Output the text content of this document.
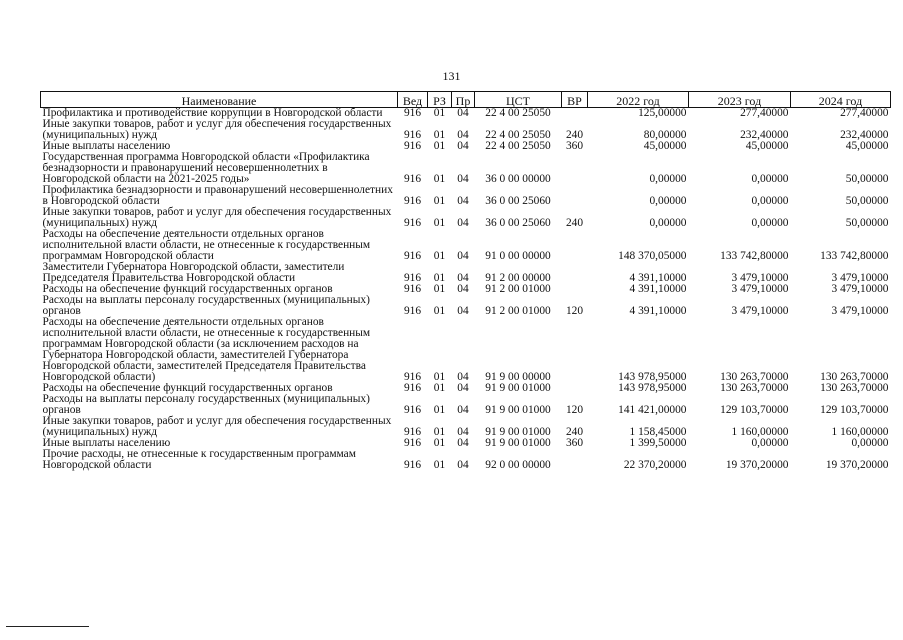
131
Наименование	Вед	РЗ	Пр	ЦСТ	ВР	2022 год	2023 год	2024 год
Профилактика и противодействие коррупции в Новгородской области	916	01	04	22 4 00 25050		125,00000	277,40000	277,40000
Иные закупки товаров, работ и услуг для обеспечения государственных (муниципальных) нужд	916	01	04	22 4 00 25050	240	80,00000	232,40000	232,40000
Иные выплаты населению	916	01	04	22 4 00 25050	360	45,00000	45,00000	45,00000
Государственная программа Новгородской области «Профилактика безнадзорности и правонарушений несовершеннолетних в Новгородской области на 2021-2025 годы»	916	01	04	36 0 00 00000		0,00000	0,00000	50,00000
Профилактика безнадзорности и правонарушений несовершеннолетних в Новгородской области	916	01	04	36 0 00 25060		0,00000	0,00000	50,00000
Иные закупки товаров, работ и услуг для обеспечения государственных (муниципальных) нужд	916	01	04	36 0 00 25060	240	0,00000	0,00000	50,00000
Расходы на обеспечение деятельности отдельных органов исполнительной власти области, не отнесенные к государственным программам Новгородской области	916	01	04	91 0 00 00000		148 370,05000	133 742,80000	133 742,80000
Заместители Губернатора Новгородской области, заместители Председателя Правительства Новгородской области	916	01	04	91 2 00 00000		4 391,10000	3 479,10000	3 479,10000
Расходы на обеспечение функций государственных органов	916	01	04	91 2 00 01000		4 391,10000	3 479,10000	3 479,10000
Расходы на выплаты персоналу государственных (муниципальных) органов	916	01	04	91 2 00 01000	120	4 391,10000	3 479,10000	3 479,10000
Расходы на обеспечение деятельности отдельных органов исполнительной власти области, не отнесенные к государственным программам Новгородской области (за исключением расходов на Губернатора Новгородской области, заместителей Губернатора Новгородской области, заместителей Председателя Правительства Новгородской области)	916	01	04	91 9 00 00000		143 978,95000	130 263,70000	130 263,70000
Расходы на обеспечение функций государственных органов	916	01	04	91 9 00 01000		143 978,95000	130 263,70000	130 263,70000
Расходы на выплаты персоналу государственных (муниципальных) органов	916	01	04	91 9 00 01000	120	141 421,00000	129 103,70000	129 103,70000
Иные закупки товаров, работ и услуг для обеспечения государственных (муниципальных) нужд	916	01	04	91 9 00 01000	240	1 158,45000	1 160,00000	1 160,00000
Иные выплаты населению	916	01	04	91 9 00 01000	360	1 399,50000	0,00000	0,00000
Прочие расходы, не отнесенные к государственным программам Новгородской области	916	01	04	92 0 00 00000		22 370,20000	19 370,20000	19 370,20000
